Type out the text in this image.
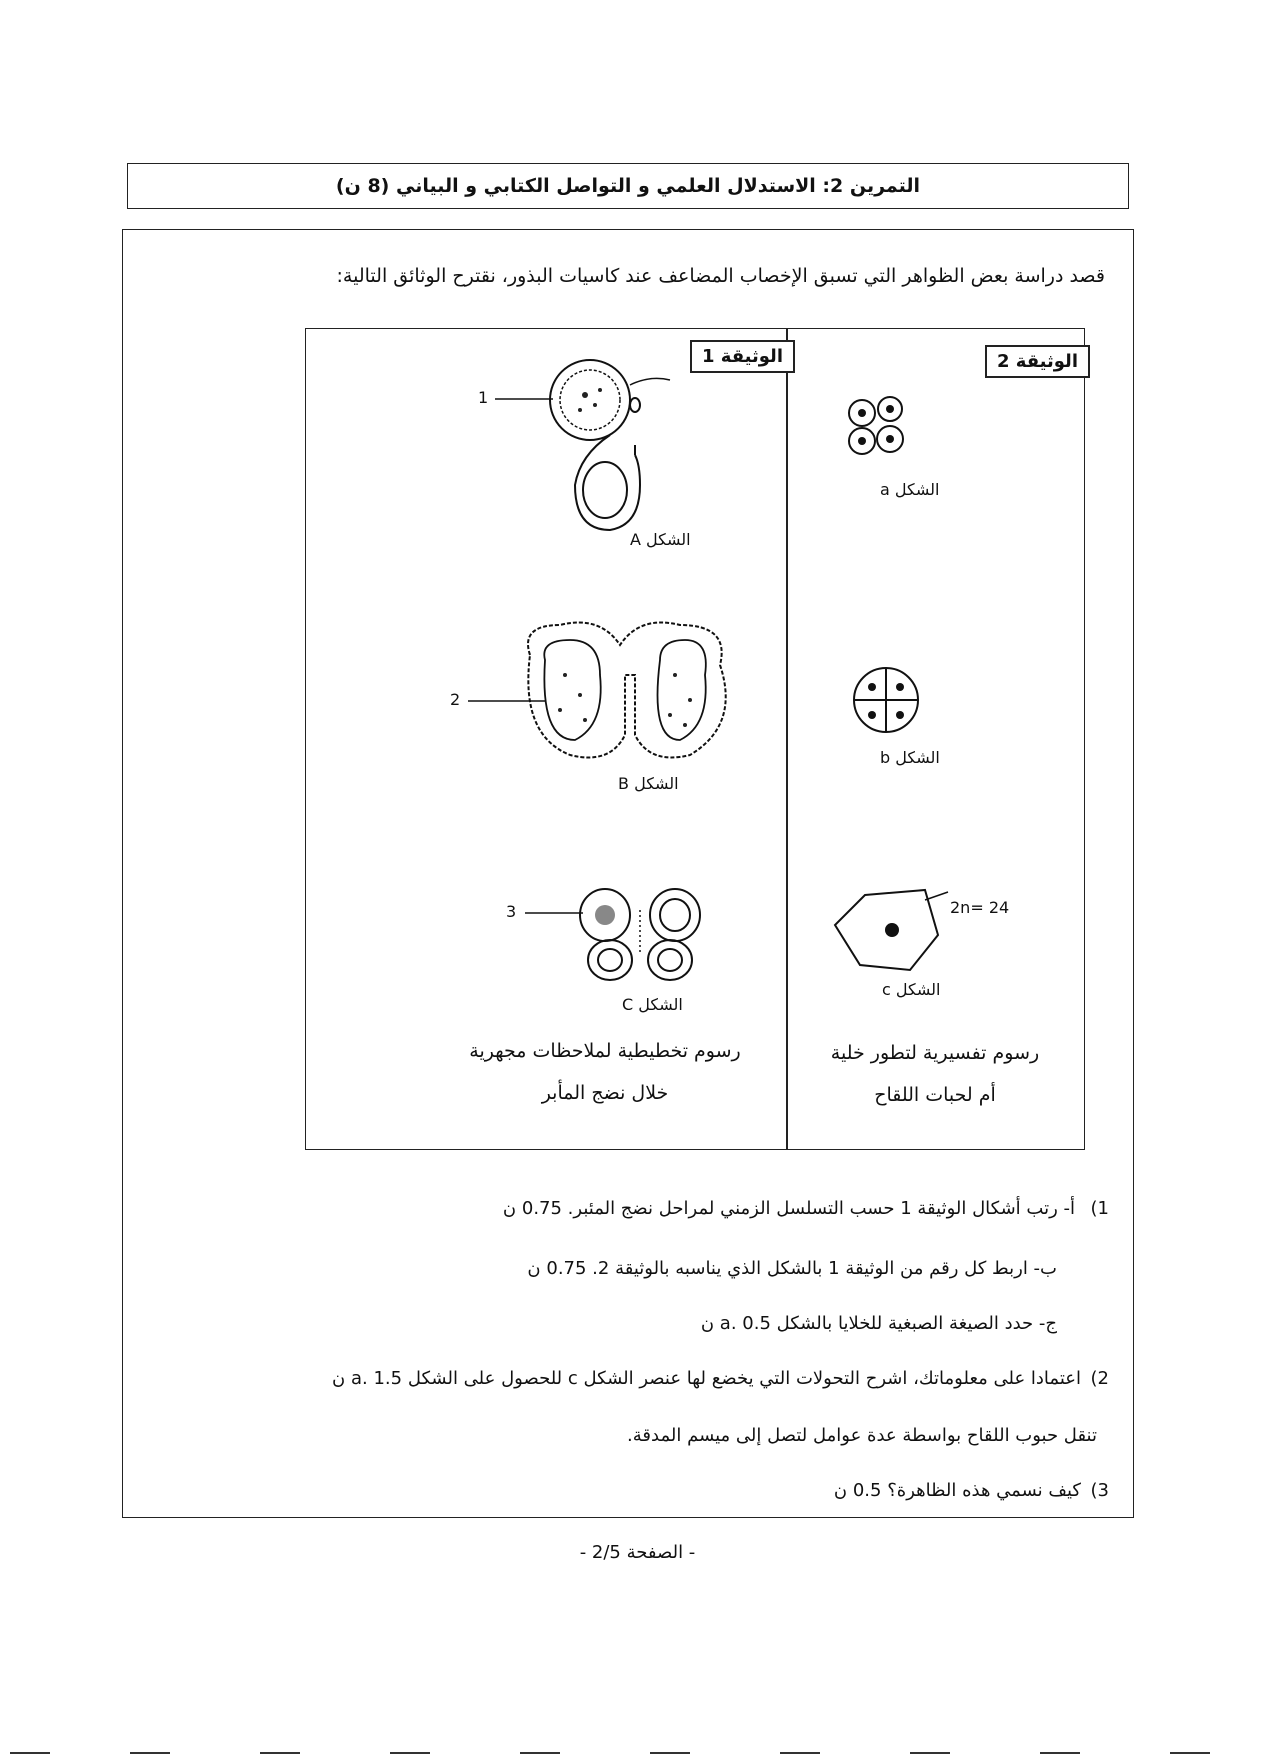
التمرين 2: الاستدلال العلمي و التواصل الكتابي و البياني (8 ن)
قصد دراسة بعض الظواهر التي تسبق الإخصاب المضاعف عند كاسيات البذور، نقترح الوثائق التالية:
الوثيقة 1	الوثيقة 2
1
الشكل A
2
الشكل B
3
الشكل C
رسوم تخطيطية لملاحظات مجهرية
خلال نضج المأبر
الشكل a
الشكل b
2n= 24
الشكل c
رسوم تفسيرية لتطور خلية
أم لحبات اللقاح
1)
أ- رتب أشكال الوثيقة 1 حسب التسلسل الزمني لمراحل نضج المئبر. 0.75 ن
ب- اربط كل رقم من الوثيقة 1 بالشكل الذي يناسبه بالوثيقة 2. 0.75 ن
ج- حدد الصيغة الصبغية للخلايا بالشكل a. 0.5 ن
2)
اعتمادا على معلوماتك، اشرح التحولات التي يخضع لها عنصر الشكل c للحصول على الشكل a. 1.5 ن
تنقل حبوب اللقاح بواسطة عدة عوامل لتصل إلى ميسم المدقة.
3)
كيف نسمي هذه الظاهرة؟ 0.5 ن
- الصفحة 2/5 -
